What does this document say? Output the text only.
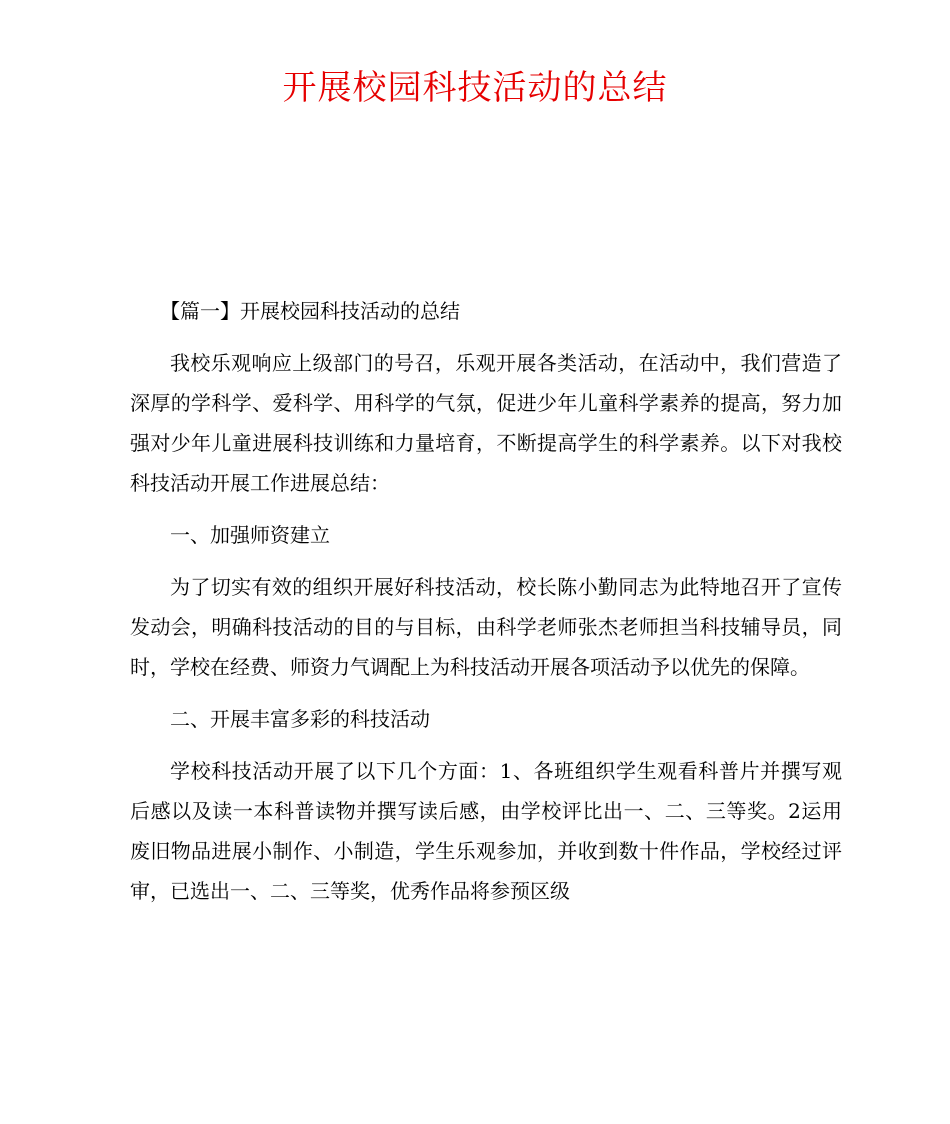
开展校园科技活动的总结

【篇一】开展校园科技活动的总结

我校乐观响应上级部门的号召，乐观开展各类活动，在活动中，我们营造了深厚的学科学、爱科学、用科学的气氛，促进少年儿童科学素养的提高，努力加强对少年儿童进展科技训练和力量培育，不断提高学生的科学素养。以下对我校科技活动开展工作进展总结：

一、加强师资建立

为了切实有效的组织开展好科技活动，校长陈小勤同志为此特地召开了宣传发动会，明确科技活动的目的与目标，由科学老师张杰老师担当科技辅导员，同时，学校在经费、师资力气调配上为科技活动开展各项活动予以优先的保障。

二、开展丰富多彩的科技活动

学校科技活动开展了以下几个方面：1、各班组织学生观看科普片并撰写观后感以及读一本科普读物并撰写读后感，由学校评比出一、二、三等奖。2运用废旧物品进展小制作、小制造，学生乐观参加，并收到数十件作品，学校经过评审，已选出一、二、三等奖，优秀作品将参预区级
